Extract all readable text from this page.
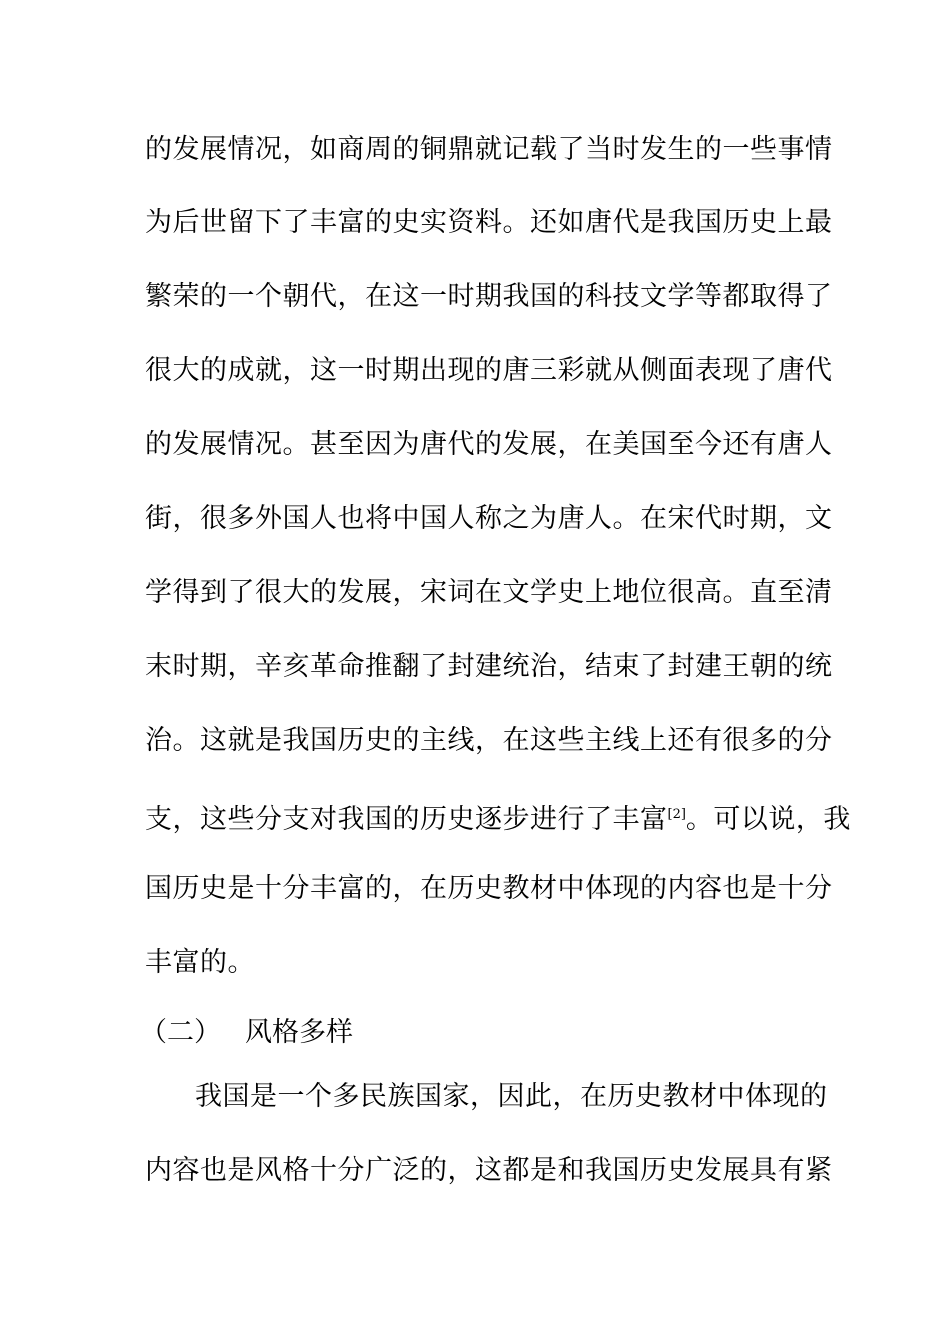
的发展情况，如商周的铜鼎就记载了当时发生的一些事情
为后世留下了丰富的史实资料。还如唐代是我国历史上最
繁荣的一个朝代，在这一时期我国的科技文学等都取得了
很大的成就，这一时期出现的唐三彩就从侧面表现了唐代
的发展情况。甚至因为唐代的发展，在美国至今还有唐人
街，很多外国人也将中国人称之为唐人。在宋代时期，文
学得到了很大的发展，宋词在文学史上地位很高。直至清
末时期，辛亥革命推翻了封建统治，结束了封建王朝的统
治。这就是我国历史的主线，在这些主线上还有很多的分
支，这些分支对我国的历史逐步进行了丰富[2]。可以说，我
国历史是十分丰富的，在历史教材中体现的内容也是十分
丰富的。
（二） 风格多样
我国是一个多民族国家，因此，在历史教材中体现的
内容也是风格十分广泛的，这都是和我国历史发展具有紧
